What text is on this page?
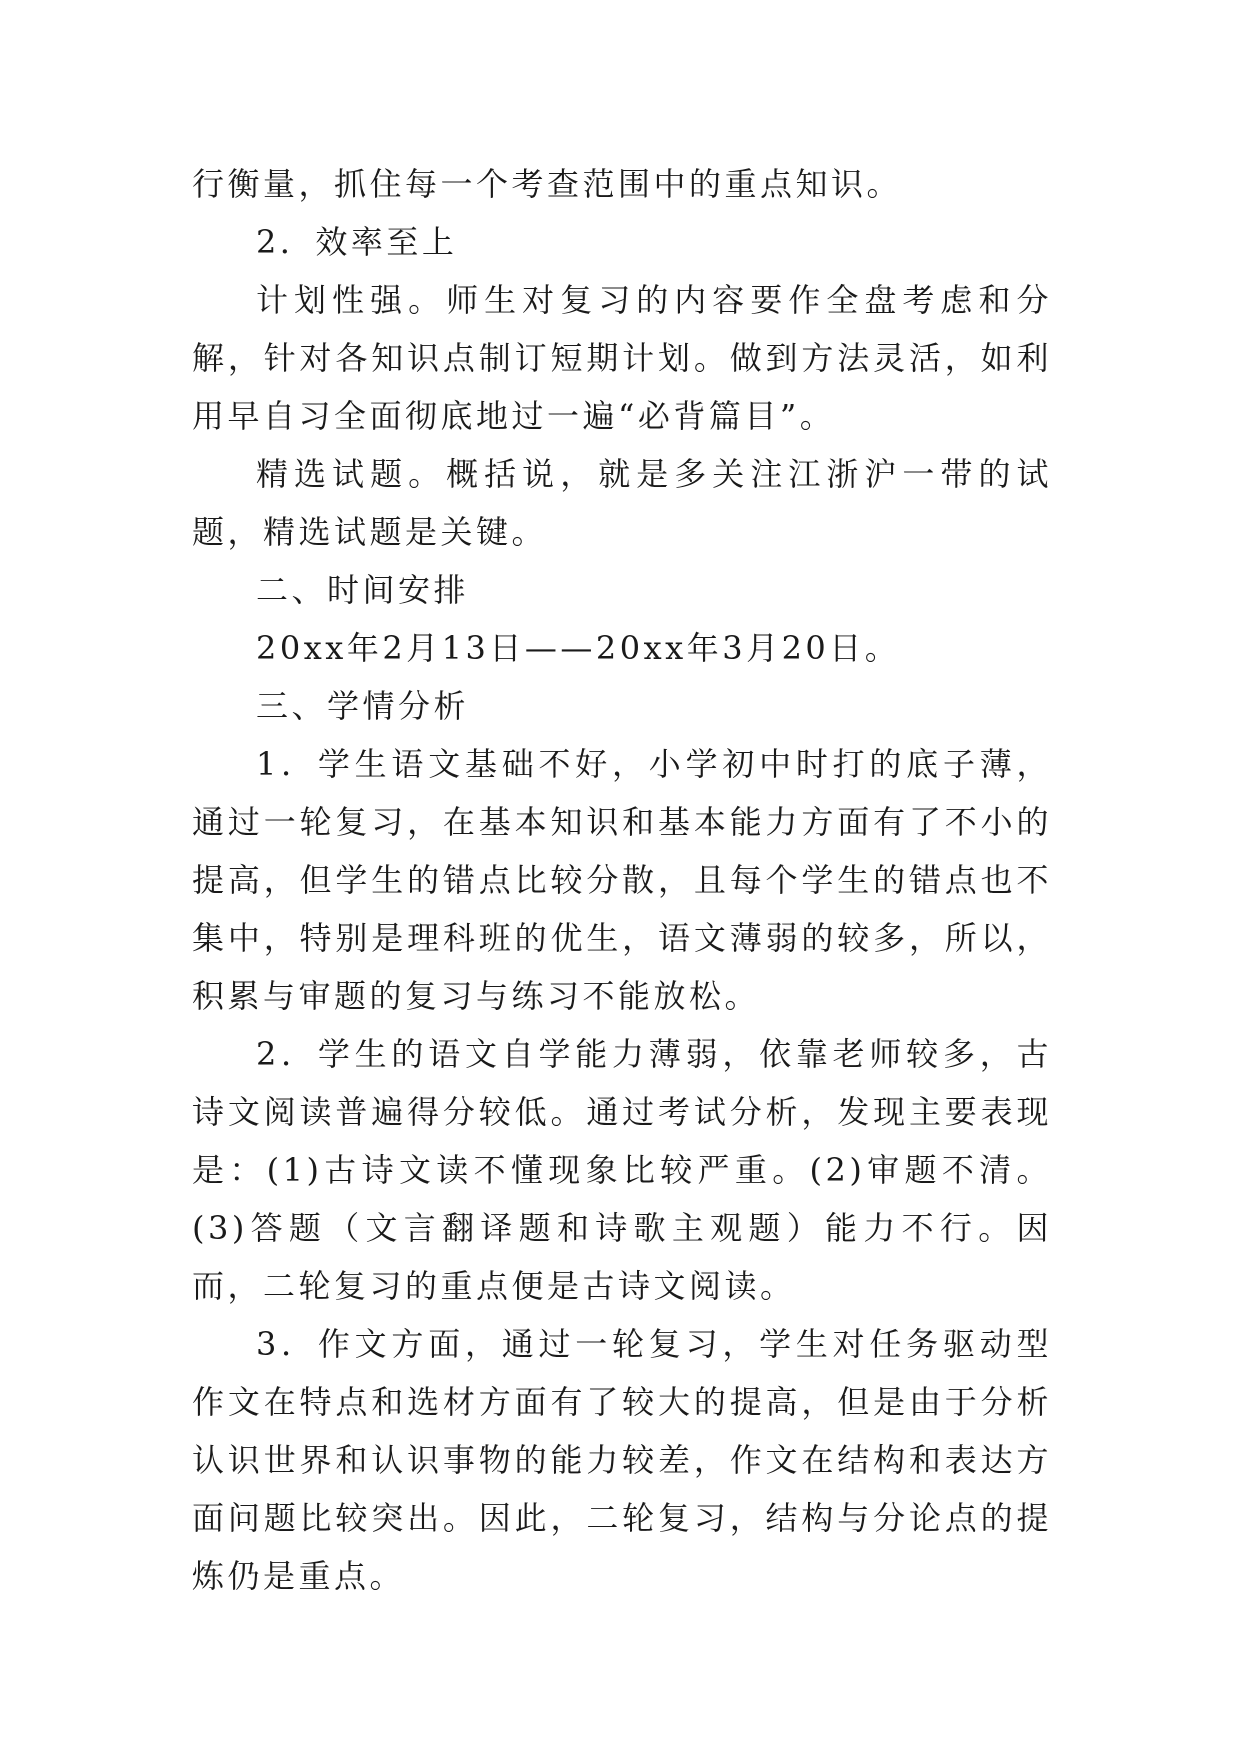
行衡量，抓住每一个考查范围中的重点知识。

2．效率至上

计划性强。师生对复习的内容要作全盘考虑和分解，针对各知识点制订短期计划。做到方法灵活，如利用早自习全面彻底地过一遍“必背篇目”。

精选试题。概括说，就是多关注江浙沪一带的试题，精选试题是关键。

二、时间安排

20xx年2月13日——20xx年3月20日。

三、学情分析

1．学生语文基础不好，小学初中时打的底子薄，通过一轮复习，在基本知识和基本能力方面有了不小的提高，但学生的错点比较分散，且每个学生的错点也不集中，特别是理科班的优生，语文薄弱的较多，所以，积累与审题的复习与练习不能放松。

2．学生的语文自学能力薄弱，依靠老师较多，古诗文阅读普遍得分较低。通过考试分析，发现主要表现是：(1)古诗文读不懂现象比较严重。(2)审题不清。(3)答题（文言翻译题和诗歌主观题）能力不行。因而，二轮复习的重点便是古诗文阅读。

3．作文方面，通过一轮复习，学生对任务驱动型作文在特点和选材方面有了较大的提高，但是由于分析认识世界和认识事物的能力较差，作文在结构和表达方面问题比较突出。因此，二轮复习，结构与分论点的提炼仍是重点。
